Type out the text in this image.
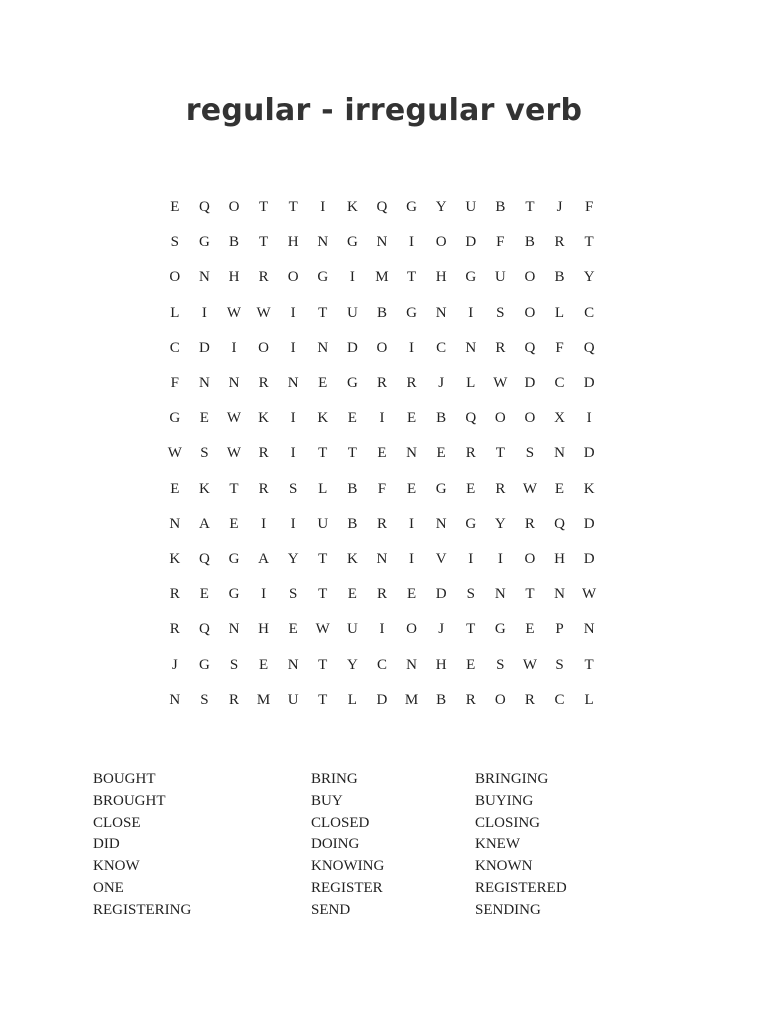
regular - irregular verb
E	Q	O	T	T	I	K	Q	G	Y	U	B	T	J	F
S	G	B	T	H	N	G	N	I	O	D	F	B	R	T
O	N	H	R	O	G	I	M	T	H	G	U	O	B	Y
L	I	W	W	I	T	U	B	G	N	I	S	O	L	C
C	D	I	O	I	N	D	O	I	C	N	R	Q	F	Q
F	N	N	R	N	E	G	R	R	J	L	W	D	C	D
G	E	W	K	I	K	E	I	E	B	Q	O	O	X	I
W	S	W	R	I	T	T	E	N	E	R	T	S	N	D
E	K	T	R	S	L	B	F	E	G	E	R	W	E	K
N	A	E	I	I	U	B	R	I	N	G	Y	R	Q	D
K	Q	G	A	Y	T	K	N	I	V	I	I	O	H	D
R	E	G	I	S	T	E	R	E	D	S	N	T	N	W
R	Q	N	H	E	W	U	I	O	J	T	G	E	P	N
J	G	S	E	N	T	Y	C	N	H	E	S	W	S	T
N	S	R	M	U	T	L	D	M	B	R	O	R	C	L
BOUGHT
BROUGHT
CLOSE
DID
KNOW
ONE
REGISTERING
BRING
BUY
CLOSED
DOING
KNOWING
REGISTER
SEND
BRINGING
BUYING
CLOSING
KNEW
KNOWN
REGISTERED
SENDING
